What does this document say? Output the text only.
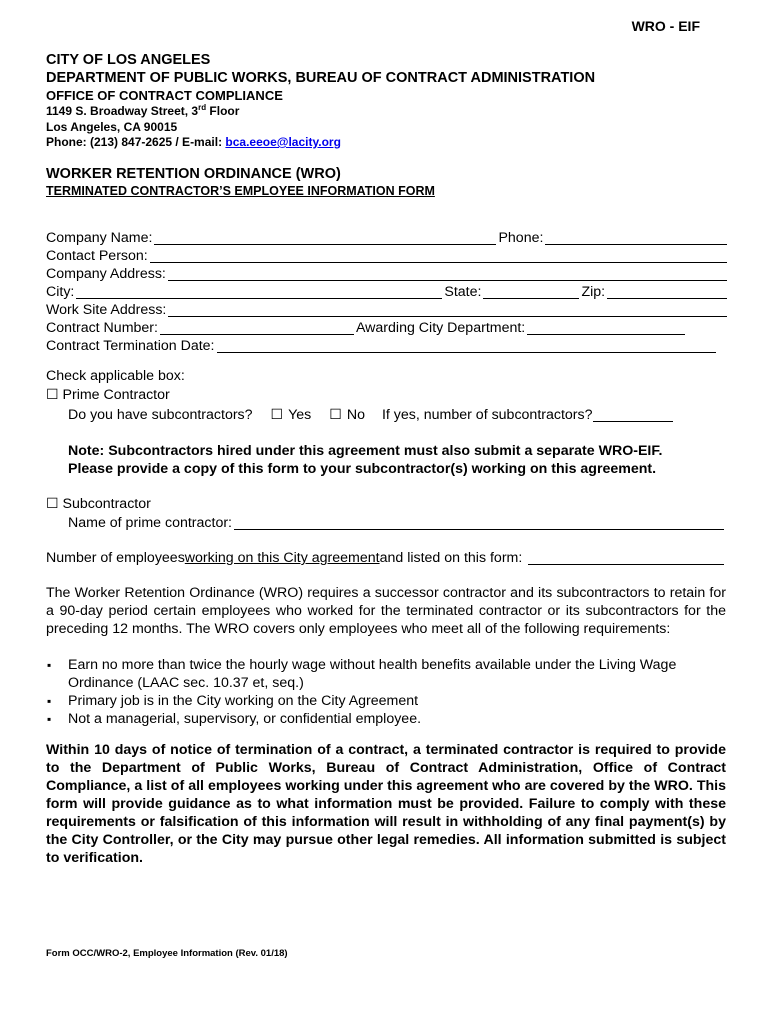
WRO - EIF
CITY OF LOS ANGELES
DEPARTMENT OF PUBLIC WORKS, BUREAU OF CONTRACT ADMINISTRATION
OFFICE OF CONTRACT COMPLIANCE
1149 S. Broadway Street, 3rd Floor
Los Angeles, CA 90015
Phone: (213) 847-2625 / E-mail: bca.eeoe@lacity.org
WORKER RETENTION ORDINANCE (WRO)
TERMINATED CONTRACTOR’S EMPLOYEE INFORMATION FORM
Company Name:	Phone:
Contact Person:
Company Address:
City:	State:	Zip:
Work Site Address:
Contract Number:	Awarding City Department:
Contract Termination Date:
Check applicable box:
☐ Prime Contractor
Do you have subcontractors? ☐ Yes ☐ No If yes, number of subcontractors?
Note: Subcontractors hired under this agreement must also submit a separate WRO-EIF.
Please provide a copy of this form to your subcontractor(s) working on this agreement.
☐ Subcontractor
Name of prime contractor:
Number of employees working on this City agreement and listed on this form:
The Worker Retention Ordinance (WRO) requires a successor contractor and its subcontractors to retain for a 90-day period certain employees who worked for the terminated contractor or its subcontractors for the preceding 12 months. The WRO covers only employees who meet all of the following requirements:
▪ Earn no more than twice the hourly wage without health benefits available under the Living Wage Ordinance (LAAC sec. 10.37 et, seq.)
▪ Primary job is in the City working on the City Agreement
▪ Not a managerial, supervisory, or confidential employee.
Within 10 days of notice of termination of a contract, a terminated contractor is required to provide to the Department of Public Works, Bureau of Contract Administration, Office of Contract Compliance, a list of all employees working under this agreement who are covered by the WRO. This form will provide guidance as to what information must be provided. Failure to comply with these requirements or falsification of this information will result in withholding of any final payment(s) by the City Controller, or the City may pursue other legal remedies. All information submitted is subject to verification.
Form OCC/WRO-2, Employee Information (Rev. 01/18)
